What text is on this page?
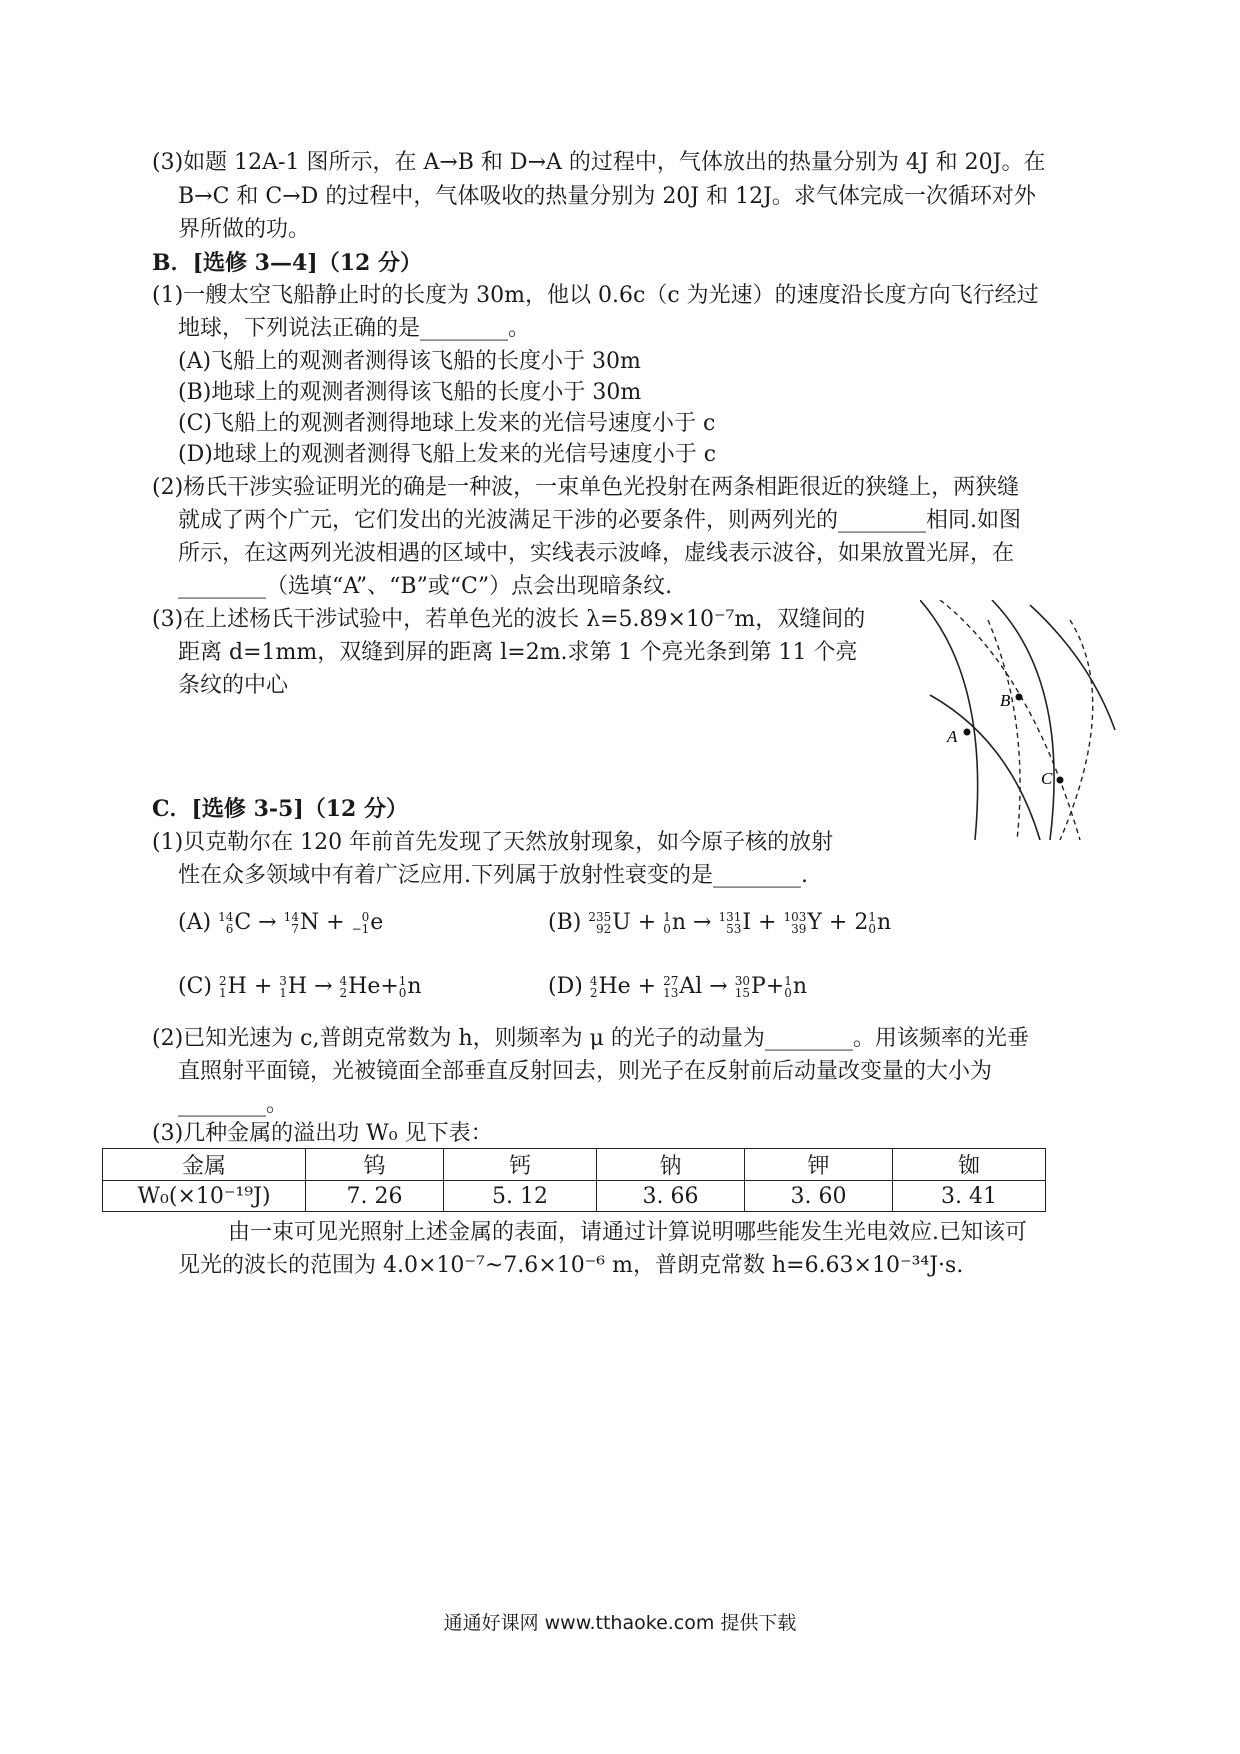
(3)如题 12A-1 图所示，在 A→B 和 D→A 的过程中，气体放出的热量分别为 4J 和 20J。在
B→C 和 C→D 的过程中，气体吸收的热量分别为 20J 和 12J。求气体完成一次循环对外
界所做的功。
B．[选修 3—4]（12 分）
(1)一艘太空飞船静止时的长度为 30m，他以 0.6c（c 为光速）的速度沿长度方向飞行经过
地球，下列说法正确的是________。
(A)飞船上的观测者测得该飞船的长度小于 30m
(B)地球上的观测者测得该飞船的长度小于 30m
(C)飞船上的观测者测得地球上发来的光信号速度小于 c
(D)地球上的观测者测得飞船上发来的光信号速度小于 c
(2)杨氏干涉实验证明光的确是一种波，一束单色光投射在两条相距很近的狭缝上，两狭缝
就成了两个广元，它们发出的光波满足干涉的必要条件，则两列光的________相同.如图
所示，在这两列光波相遇的区域中，实线表示波峰，虚线表示波谷，如果放置光屏，在
________（选填“A”、“B”或“C”）点会出现暗条纹.
(3)在上述杨氏干涉试验中，若单色光的波长 λ=5.89×10⁻⁷m，双缝间的
距离 d=1mm，双缝到屏的距离 l=2m.求第 1 个亮光条到第 11 个亮
条纹的中心
A
B
C
C．[选修 3-5]（12 分）
(1)贝克勒尔在 120 年前首先发现了天然放射现象，如今原子核的放射
性在众多领域中有着广泛应用.下列属于放射性衰变的是________.
(A) 14
6 C → 14
7 N + 0
−1 e	(B) 235
92 U + 1
0 n → 131
53 I + 103
39 Y + 2 1
0 n
(C) 2
1 H + 3
1 H → 4
2 He+ 1
0 n	(D) 4
2 He + 27
13 Al → 30
15 P+ 1
0 n
(2)已知光速为 c,普朗克常数为 h，则频率为 μ 的光子的动量为________。用该频率的光垂
直照射平面镜，光被镜面全部垂直反射回去，则光子在反射前后动量改变量的大小为
________。
(3)几种金属的溢出功 W₀ 见下表：
金属	钨	钙	钠	钾	铷
W₀(×10⁻¹⁹J)	7. 26	5. 12	3. 66	3. 60	3. 41
由一束可见光照射上述金属的表面，请通过计算说明哪些能发生光电效应.已知该可
见光的波长的范围为 4.0×10⁻⁷~7.6×10⁻⁶ m，普朗克常数 h=6.63×10⁻³⁴J·s.
通通好课网 www.tthaoke.com 提供下载
